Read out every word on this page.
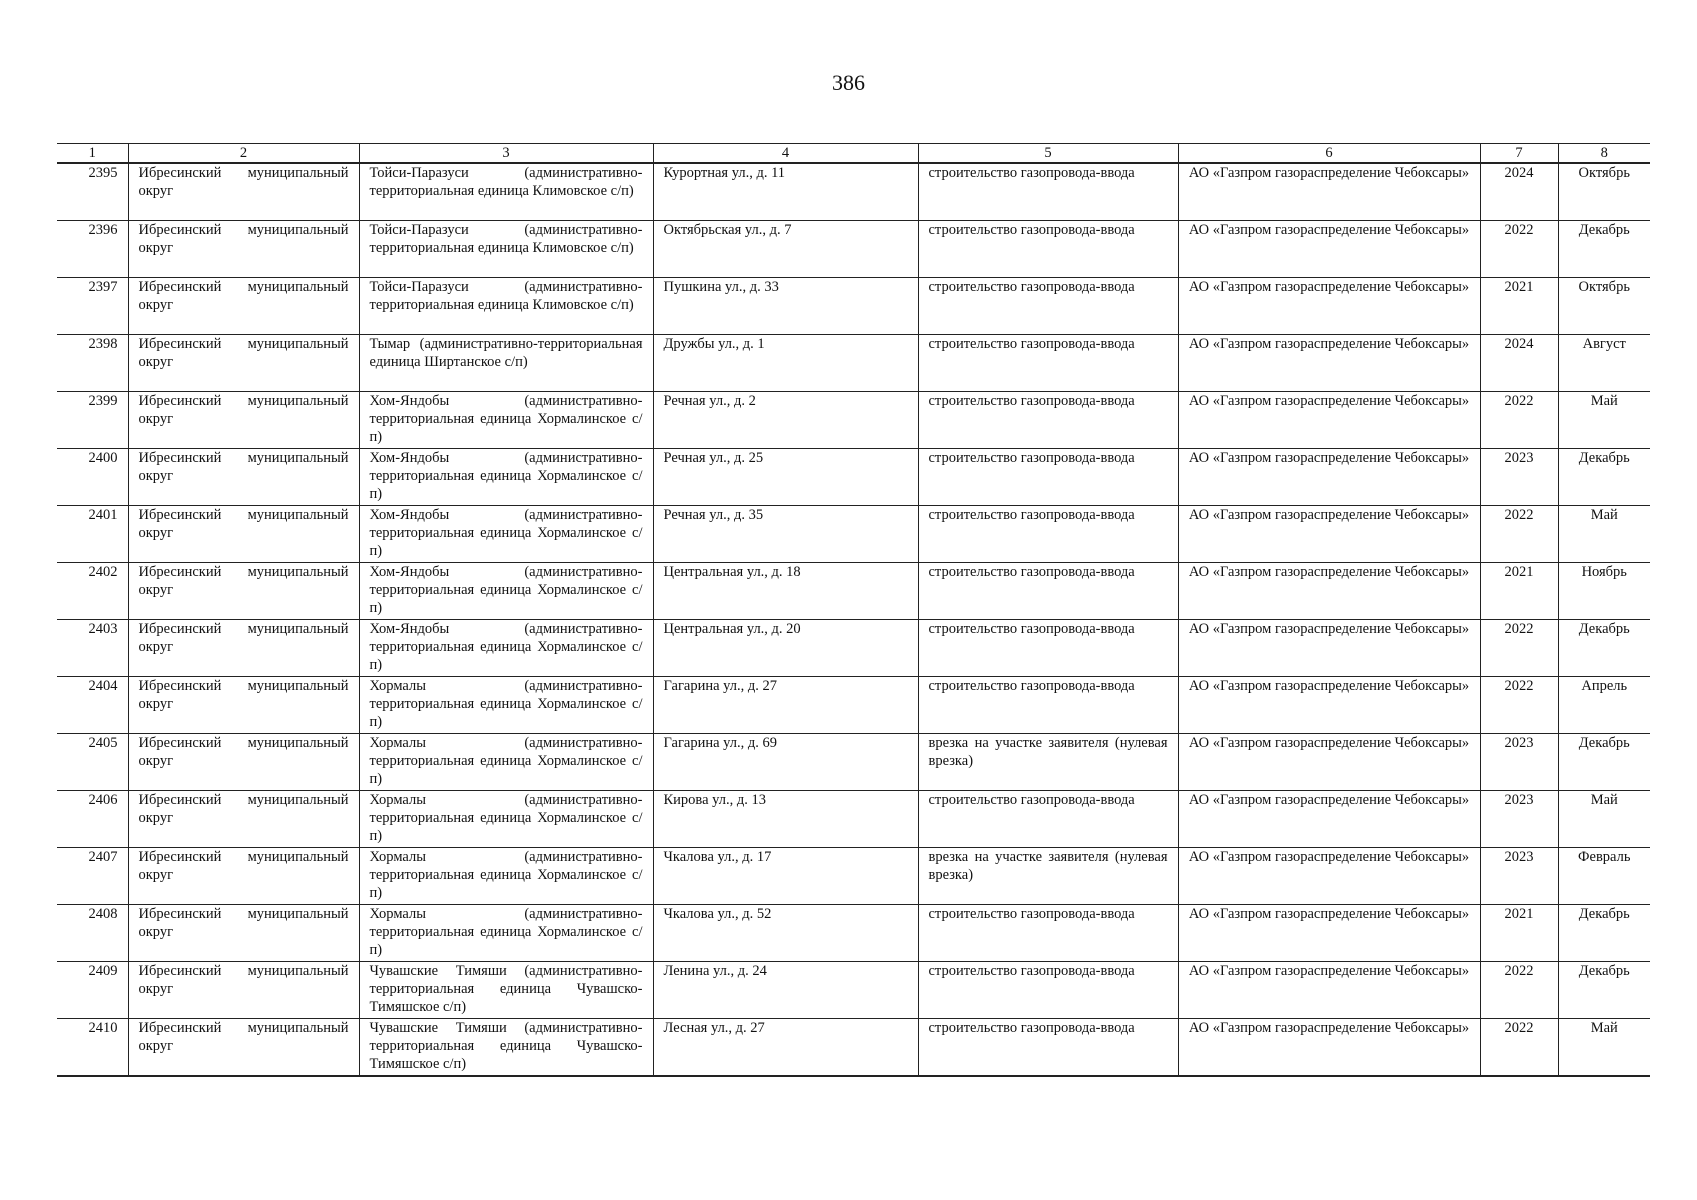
386
1	2	3	4	5	6	7	8
2395	Ибресинский муниципальный округ	Тойси-Паразуси (административно-территориальная единица Климовское с/п)	Курортная ул., д. 11	строительство газопровода-ввода	АО «Газпром газораспределение Чебоксары»	2024	Октябрь
2396	Ибресинский муниципальный округ	Тойси-Паразуси (административно-территориальная единица Климовское с/п)	Октябрьская ул., д. 7	строительство газопровода-ввода	АО «Газпром газораспределение Чебоксары»	2022	Декабрь
2397	Ибресинский муниципальный округ	Тойси-Паразуси (административно-территориальная единица Климовское с/п)	Пушкина ул., д. 33	строительство газопровода-ввода	АО «Газпром газораспределение Чебоксары»	2021	Октябрь
2398	Ибресинский муниципальный округ	Тымар (административно-территориальная единица Ширтанское с/п)	Дружбы ул., д. 1	строительство газопровода-ввода	АО «Газпром газораспределение Чебоксары»	2024	Август
2399	Ибресинский муниципальный округ	Хом-Яндобы (административно-территориальная единица Хормалинское с/п)	Речная ул., д. 2	строительство газопровода-ввода	АО «Газпром газораспределение Чебоксары»	2022	Май
2400	Ибресинский муниципальный округ	Хом-Яндобы (административно-территориальная единица Хормалинское с/п)	Речная ул., д. 25	строительство газопровода-ввода	АО «Газпром газораспределение Чебоксары»	2023	Декабрь
2401	Ибресинский муниципальный округ	Хом-Яндобы (административно-территориальная единица Хормалинское с/п)	Речная ул., д. 35	строительство газопровода-ввода	АО «Газпром газораспределение Чебоксары»	2022	Май
2402	Ибресинский муниципальный округ	Хом-Яндобы (административно-территориальная единица Хормалинское с/п)	Центральная ул., д. 18	строительство газопровода-ввода	АО «Газпром газораспределение Чебоксары»	2021	Ноябрь
2403	Ибресинский муниципальный округ	Хом-Яндобы (административно-территориальная единица Хормалинское с/п)	Центральная ул., д. 20	строительство газопровода-ввода	АО «Газпром газораспределение Чебоксары»	2022	Декабрь
2404	Ибресинский муниципальный округ	Хормалы (административно-территориальная единица Хормалинское с/п)	Гагарина ул., д. 27	строительство газопровода-ввода	АО «Газпром газораспределение Чебоксары»	2022	Апрель
2405	Ибресинский муниципальный округ	Хормалы (административно-территориальная единица Хормалинское с/п)	Гагарина ул., д. 69	врезка на участке заявителя (нулевая врезка)	АО «Газпром газораспределение Чебоксары»	2023	Декабрь
2406	Ибресинский муниципальный округ	Хормалы (административно-территориальная единица Хормалинское с/п)	Кирова ул., д. 13	строительство газопровода-ввода	АО «Газпром газораспределение Чебоксары»	2023	Май
2407	Ибресинский муниципальный округ	Хормалы (административно-территориальная единица Хормалинское с/п)	Чкалова ул., д. 17	врезка на участке заявителя (нулевая врезка)	АО «Газпром газораспределение Чебоксары»	2023	Февраль
2408	Ибресинский муниципальный округ	Хормалы (административно-территориальная единица Хормалинское с/п)	Чкалова ул., д. 52	строительство газопровода-ввода	АО «Газпром газораспределение Чебоксары»	2021	Декабрь
2409	Ибресинский муниципальный округ	Чувашские Тимяши (административно-территориальная единица Чувашско-Тимяшское с/п)	Ленина ул., д. 24	строительство газопровода-ввода	АО «Газпром газораспределение Чебоксары»	2022	Декабрь
2410	Ибресинский муниципальный округ	Чувашские Тимяши (административно-территориальная единица Чувашско-Тимяшское с/п)	Лесная ул., д. 27	строительство газопровода-ввода	АО «Газпром газораспределение Чебоксары»	2022	Май
